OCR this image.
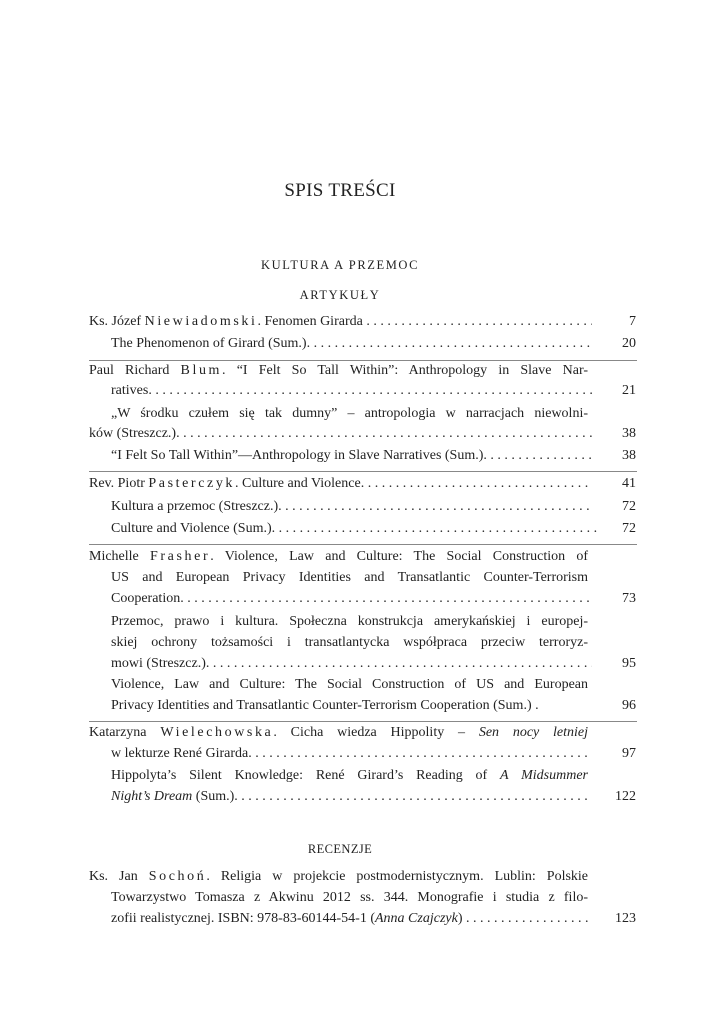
SPIS TREŚCI
KULTURA A PRZEMOC
ARTYKUŁY
Ks. Józef Niewiadomski. Fenomen Girarda . . .	7
The Phenomenon of Girard (Sum.) . . .	20
Paul Richard Blum. “I Felt So Tall Within”: Anthropology in Slave Nar-
ratives . . .	21
„W środku czułem się tak dumny” – antropologia w narracjach niewolni-
ków (Streszcz.) . . .	38
“I Felt So Tall Within”—Anthropology in Slave Narratives (Sum.) . . .	38
Rev. Piotr Pasterczyk. Culture and Violence . . .	41
Kultura a przemoc (Streszcz.) . . .	72
Culture and Violence (Sum.) . . .	72
Michelle Frasher. Violence, Law and Culture: The Social Construction of
US and European Privacy Identities and Transatlantic Counter-Terrorism
Cooperation . . .	73
Przemoc, prawo i kultura. Społeczna konstrukcja amerykańskiej i europej-
skiej ochrony tożsamości i transatlantycka współpraca przeciw terroryz-
mowi (Streszcz.) . . .	95
Violence, Law and Culture: The Social Construction of US and European
Privacy Identities and Transatlantic Counter-Terrorism Cooperation (Sum.) .	96
Katarzyna Wielechowska. Cicha wiedza Hippolity – Sen nocy letniej
w lekturze René Girarda . . .	97
Hippolyta’s Silent Knowledge: René Girard’s Reading of A Midsummer
Night’s Dream (Sum.) . . .	122
RECENZJE
Ks. Jan Sochoń. Religia w projekcie postmodernistycznym. Lublin: Polskie
Towarzystwo Tomasza z Akwinu 2012 ss. 344. Monografie i studia z filo-
zofii realistycznej. ISBN: 978-83-60144-54-1 (Anna Czajczyk) . . .	123
